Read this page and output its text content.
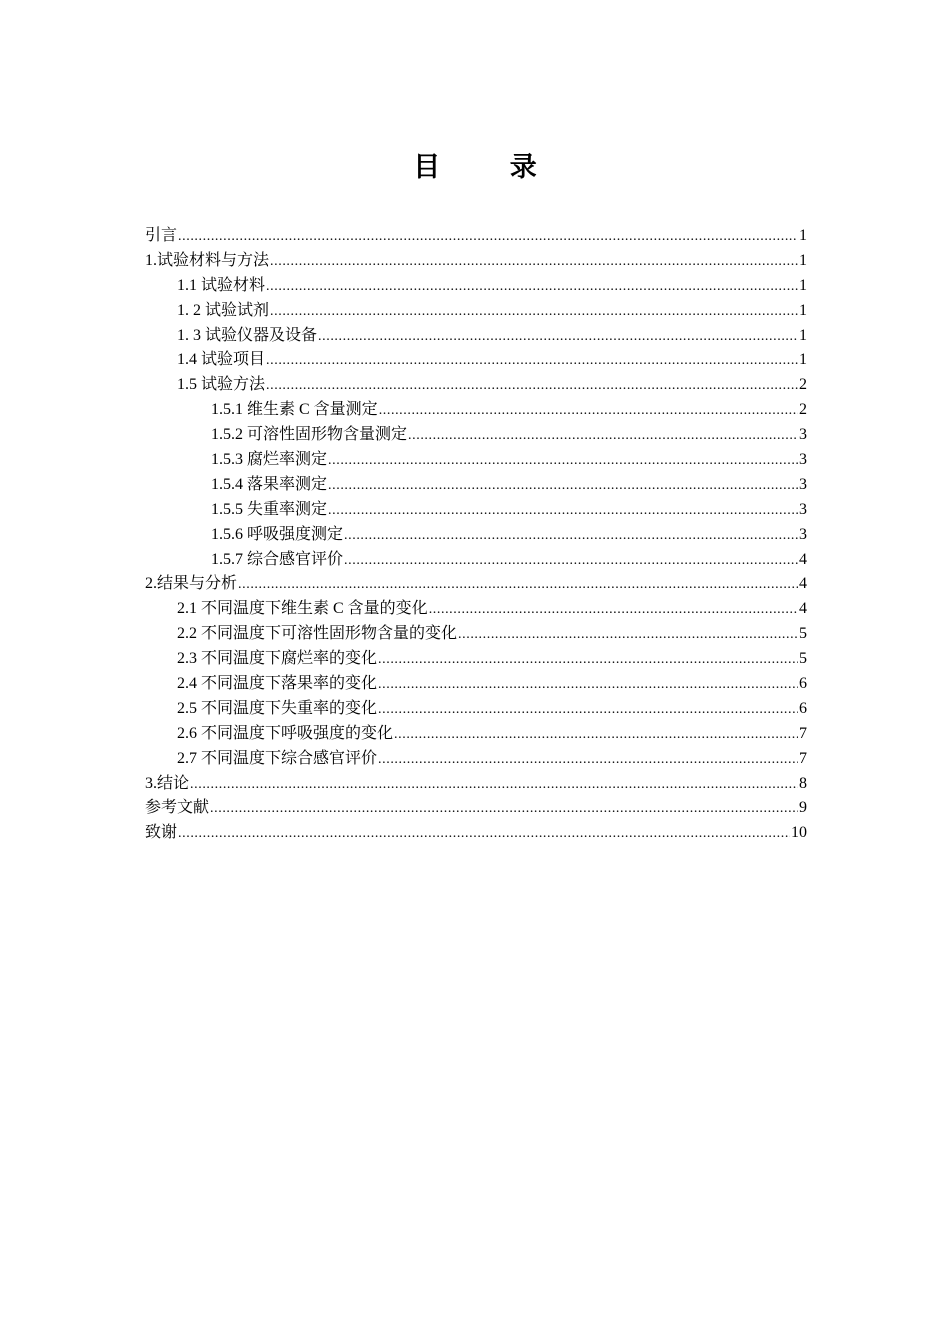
目 录
引言 .....	1
1.试验材料与方法 .....	1
1.1 试验材料 .....	1
1. 2 试验试剂 .....	1
1. 3 试验仪器及设备 .....	1
1.4 试验项目 .....	1
1.5 试验方法 .....	2
1.5.1 维生素 C 含量测定 .....	2
1.5.2 可溶性固形物含量测定 .....	3
1.5.3 腐烂率测定 .....	3
1.5.4 落果率测定 .....	3
1.5.5 失重率测定 .....	3
1.5.6 呼吸强度测定 .....	3
1.5.7 综合感官评价 .....	4
2.结果与分析 .....	4
2.1 不同温度下维生素 C 含量的变化 .....	4
2.2 不同温度下可溶性固形物含量的变化 .....	5
2.3 不同温度下腐烂率的变化 .....	5
2.4 不同温度下落果率的变化 .....	6
2.5 不同温度下失重率的变化 .....	6
2.6 不同温度下呼吸强度的变化 .....	7
2.7 不同温度下综合感官评价 .....	7
3.结论 .....	8
参考文献 .....	9
致谢 .....	10
